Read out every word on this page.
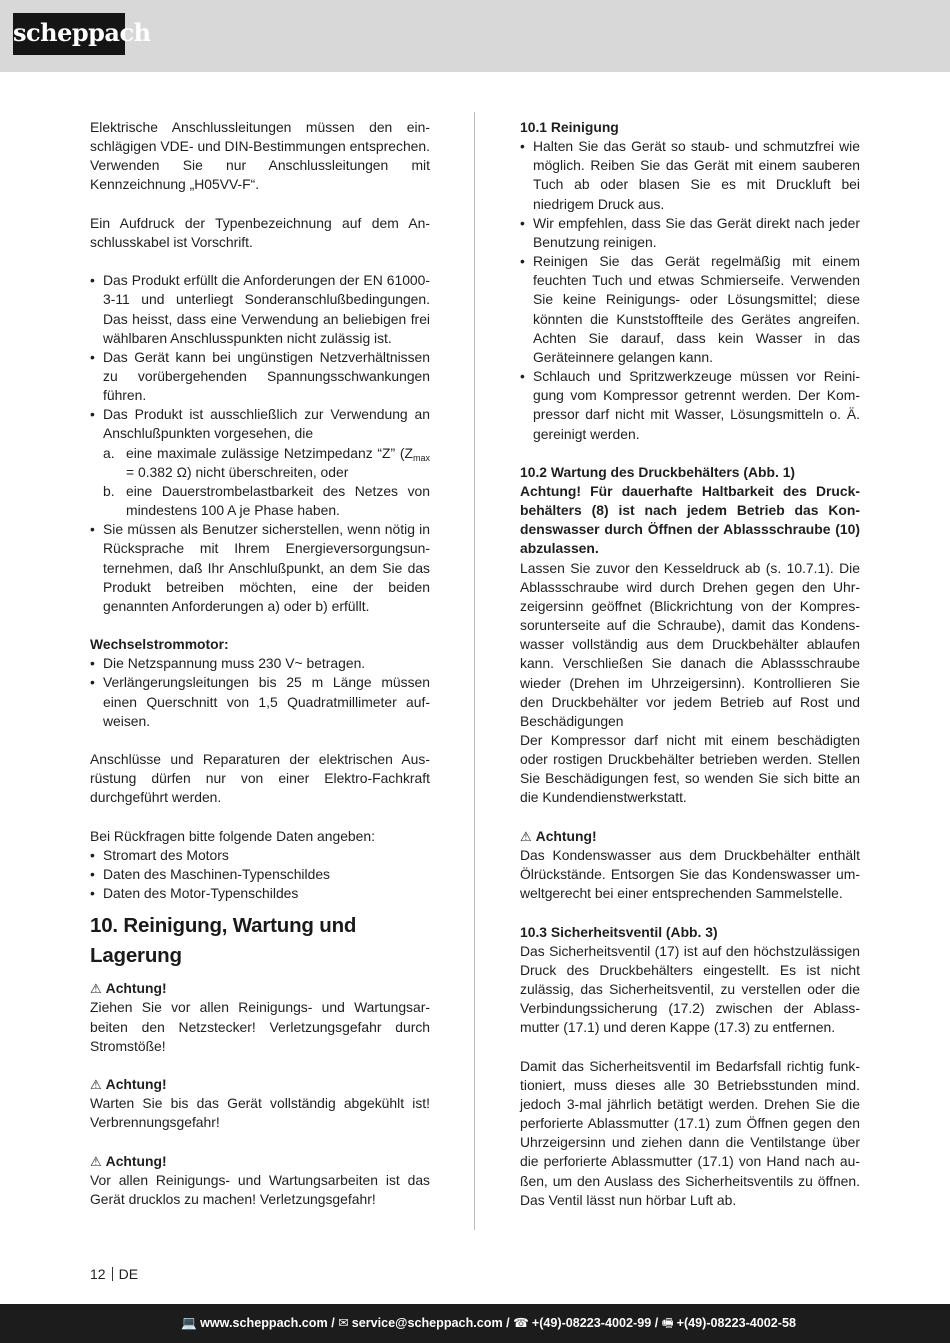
scheppach

Elektrische Anschlussleitungen müssen den einschlägigen VDE- und DIN-Bestimmungen entsprechen. Verwenden Sie nur Anschlussleitungen mit Kennzeichnung „H05VV-F“.

Ein Aufdruck der Typenbezeichnung auf dem Anschlusskabel ist Vorschrift.

• Das Produkt erfüllt die Anforderungen der EN 61000-3-11 und unterliegt Sonderanschlußbedingungen. Das heisst, dass eine Verwendung an beliebigen frei wählbaren Anschlusspunkten nicht zulässig ist.
• Das Gerät kann bei ungünstigen Netzverhältnissen zu vorübergehenden Spannungsschwankungen führen.
• Das Produkt ist ausschließlich zur Verwendung an Anschlußpunkten vorgesehen, die
a. eine maximale zulässige Netzimpedanz “Z” ($Z_{max} = 0.382$ Ω) nicht überschreiten, oder
b. eine Dauerstrombelastbarkeit des Netzes von mindestens 100 A je Phase haben.
• Sie müssen als Benutzer sicherstellen, wenn nötig in Rücksprache mit Ihrem Energieversorgungsunternehmen, daß Ihr Anschlußpunkt, an dem Sie das Produkt betreiben möchten, eine der beiden genannten Anforderungen a) oder b) erfüllt.

Wechselstrommotor:

• Die Netzspannung muss 230 V~ betragen.
• Verlängerungsleitungen bis 25 m Länge müssen einen Querschnitt von 1,5 Quadratmillimeter aufweisen.

Anschlüsse und Reparaturen der elektrischen Ausrüstung dürfen nur von einer Elektro-Fachkraft durchgeführt werden.

Bei Rückfragen bitte folgende Daten angeben:

• Stromart des Motors
• Daten des Maschinen-Typenschildes
• Daten des Motor-Typenschildes
10. Reinigung, Wartung und Lagerung

⚠ Achtung!

Ziehen Sie vor allen Reinigungs- und Wartungsarbeiten den Netzstecker! Verletzungsgefahr durch Stromstöße!

⚠ Achtung!

Warten Sie bis das Gerät vollständig abgekühlt ist! Verbrennungsgefahr!

⚠ Achtung!

Vor allen Reinigungs- und Wartungsarbeiten ist das Gerät drucklos zu machen! Verletzungsgefahr!

10.1 Reinigung

• Halten Sie das Gerät so staub- und schmutzfrei wie möglich. Reiben Sie das Gerät mit einem sauberen Tuch ab oder blasen Sie es mit Druckluft bei niedrigem Druck aus.
• Wir empfehlen, dass Sie das Gerät direkt nach jeder Benutzung reinigen.
• Reinigen Sie das Gerät regelmäßig mit einem feuchten Tuch und etwas Schmierseife. Verwenden Sie keine Reinigungs- oder Lösungsmittel; diese könnten die Kunststoffteile des Gerätes angreifen. Achten Sie darauf, dass kein Wasser in das Geräteinnere gelangen kann.
• Schlauch und Spritzwerkzeuge müssen vor Reinigung vom Kompressor getrennt werden. Der Kompressor darf nicht mit Wasser, Lösungsmitteln o. Ä. gereinigt werden.

10.2 Wartung des Druckbehälters (Abb. 1)

Achtung! Für dauerhafte Haltbarkeit des Druckbehälters (8) ist nach jedem Betrieb das Kondenswasser durch Öffnen der Ablassschraube (10) abzulassen.

Lassen Sie zuvor den Kesseldruck ab (s. 10.7.1). Die Ablassschraube wird durch Drehen gegen den Uhrzeigersinn geöffnet (Blickrichtung von der Kompressorunterseite auf die Schraube), damit das Kondenswasser vollständig aus dem Druckbehälter ablaufen kann. Verschließen Sie danach die Ablassschraube wieder (Drehen im Uhrzeigersinn). Kontrollieren Sie den Druckbehälter vor jedem Betrieb auf Rost und Beschädigungen

Der Kompressor darf nicht mit einem beschädigten oder rostigen Druckbehälter betrieben werden. Stellen Sie Beschädigungen fest, so wenden Sie sich bitte an die Kundendienstwerkstatt.

⚠ Achtung!

Das Kondenswasser aus dem Druckbehälter enthält Ölrückstände. Entsorgen Sie das Kondenswasser umweltgerecht bei einer entsprechenden Sammelstelle.

10.3 Sicherheitsventil (Abb. 3)

Das Sicherheitsventil (17) ist auf den höchstzulässigen Druck des Druckbehälters eingestellt. Es ist nicht zulässig, das Sicherheitsventil, zu verstellen oder die Verbindungssicherung (17.2) zwischen der Ablassmutter (17.1) und deren Kappe (17.3) zu entfernen.

Damit das Sicherheitsventil im Bedarfsfall richtig funktioniert, muss dieses alle 30 Betriebsstunden mind. jedoch 3-mal jährlich betätigt werden. Drehen Sie die perforierte Ablassmutter (17.1) zum Öffnen gegen den Uhrzeigersinn und ziehen dann die Ventilstange über die perforierte Ablassmutter (17.1) von Hand nach außen, um den Auslass des Sicherheitsventils zu öffnen. Das Ventil lässt nun hörbar Luft ab.

12 DE
💻 www.scheppach.com / ✉ service@scheppach.com / ☎ +(49)-08223-4002-99 / 🖷 +(49)-08223-4002-58
